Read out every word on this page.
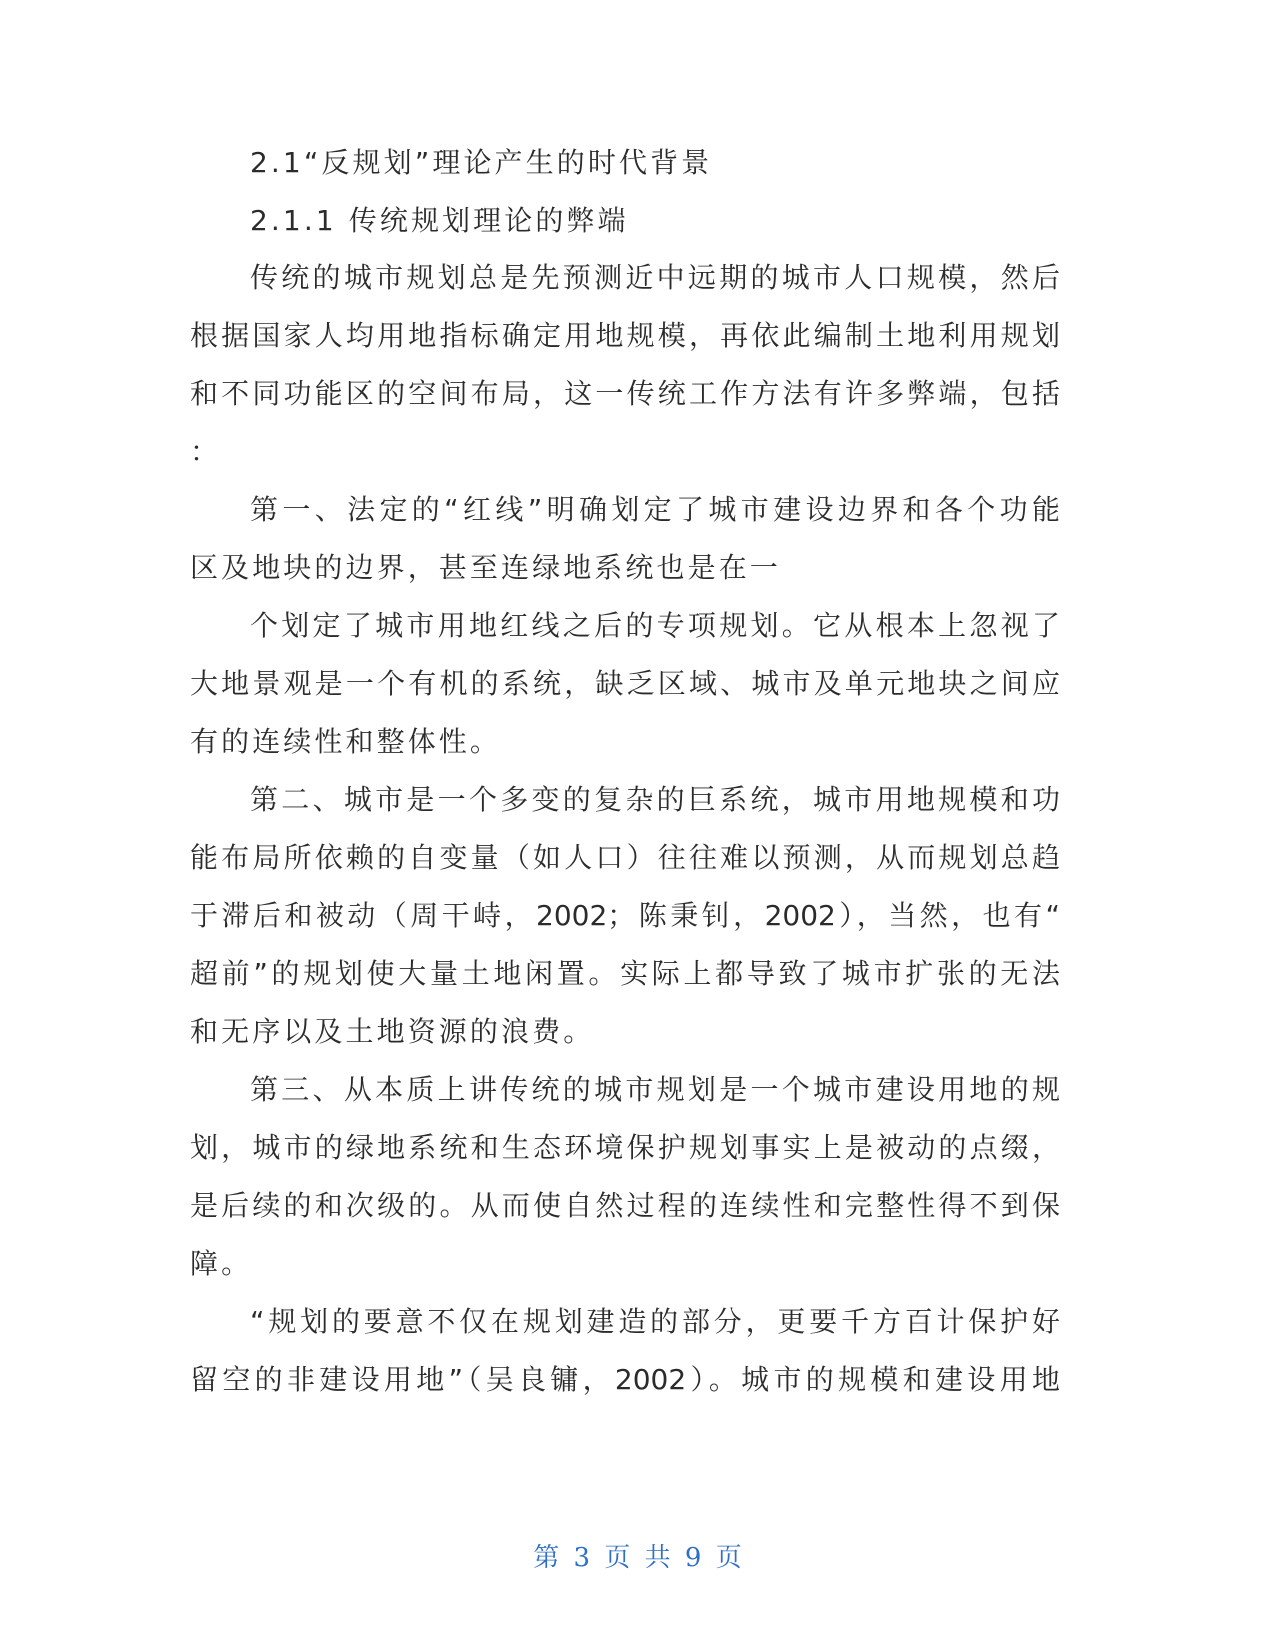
2.1“反规划”理论产生的时代背景
2.1.1 传统规划理论的弊端
传统的城市规划总是先预测近中远期的城市人口规模，然后
根据国家人均用地指标确定用地规模，再依此编制土地利用规划
和不同功能区的空间布局，这一传统工作方法有许多弊端，包括
：
第一、法定的“红线”明确划定了城市建设边界和各个功能
区及地块的边界，甚至连绿地系统也是在一
个划定了城市用地红线之后的专项规划。它从根本上忽视了
大地景观是一个有机的系统，缺乏区域、城市及单元地块之间应
有的连续性和整体性。
第二、城市是一个多变的复杂的巨系统，城市用地规模和功
能布局所依赖的自变量（如人口）往往难以预测，从而规划总趋
于滞后和被动（周干峙，2002；陈秉钊，2002），当然，也有“
超前”的规划使大量土地闲置。实际上都导致了城市扩张的无法
和无序以及土地资源的浪费。
第三、从本质上讲传统的城市规划是一个城市建设用地的规
划，城市的绿地系统和生态环境保护规划事实上是被动的点缀，
是后续的和次级的。从而使自然过程的连续性和完整性得不到保
障。
“规划的要意不仅在规划建造的部分，更要千方百计保护好
留空的非建设用地”（吴良镛，2002）。城市的规模和建设用地
第 3 页 共 9 页
